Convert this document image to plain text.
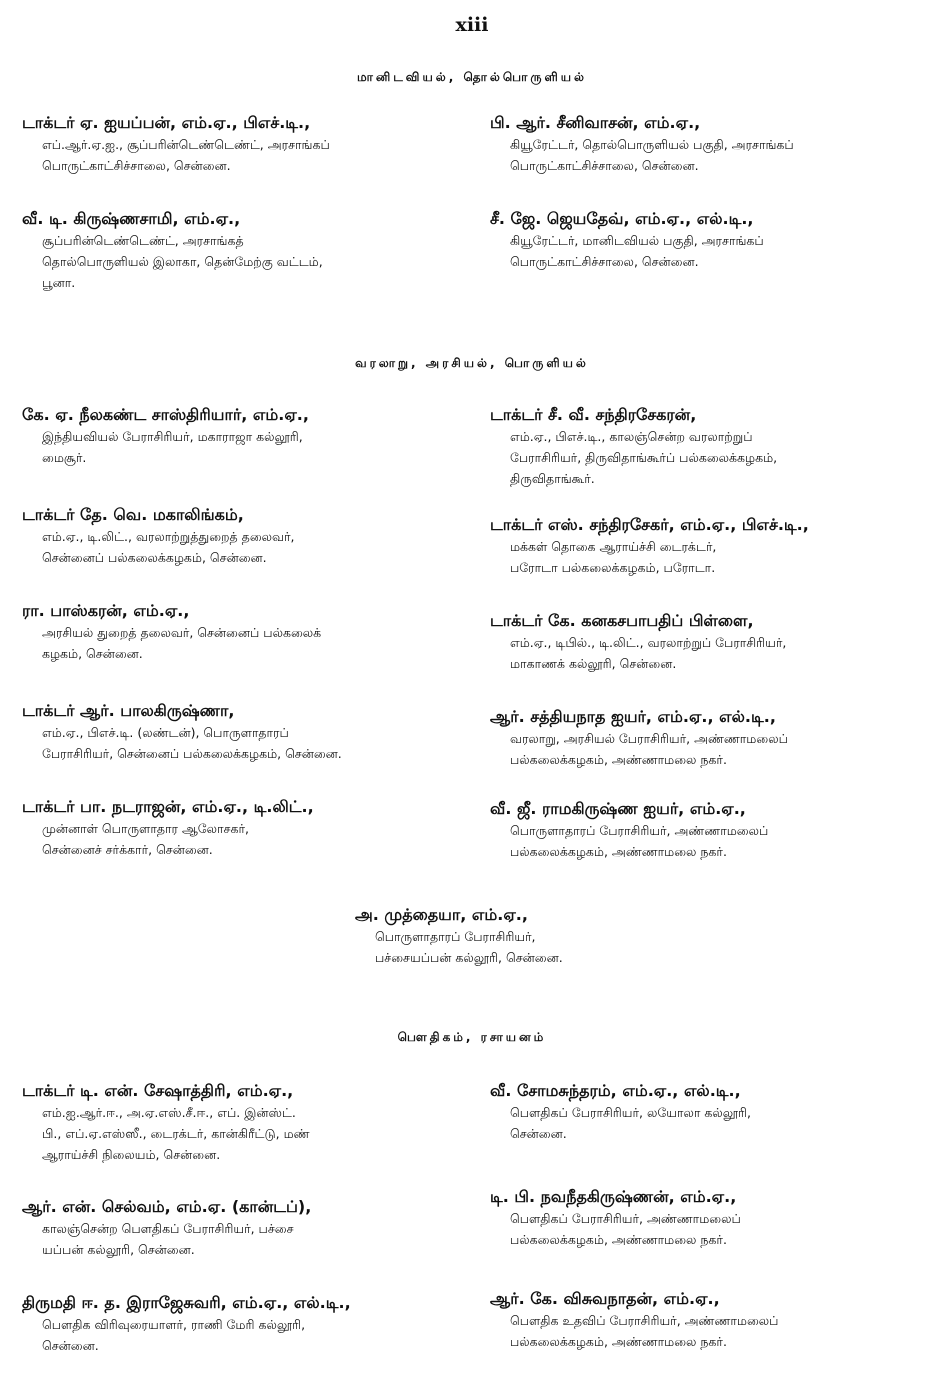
xiii
மானிடவியல், தொல்பொருளியல்
டாக்டர் ஏ. ஐயப்பன், எம்.ஏ., பிஎச்.டி.,
எப்.ஆர்.ஏ.ஐ., சூப்பரின்டெண்டெண்ட், அரசாங்கப்
பொருட்காட்சிச்சாலை, சென்னை.
வீ. டி. கிருஷ்ணசாமி, எம்.ஏ.,
சூப்பரின்டெண்டெண்ட், அரசாங்கத்
தொல்பொருளியல் இலாகா, தென்மேற்கு வட்டம்,
பூனா.
பி. ஆர். சீனிவாசன், எம்.ஏ.,
கியூரேட்டர், தொல்பொருளியல் பகுதி, அரசாங்கப்
பொருட்காட்சிச்சாலை, சென்னை.
சீ. ஜே. ஜெயதேவ், எம்.ஏ., எல்.டி.,
கியூரேட்டர், மானிடவியல் பகுதி, அரசாங்கப்
பொருட்காட்சிச்சாலை, சென்னை.
வரலாறு, அரசியல், பொருளியல்
கே. ஏ. நீலகண்ட சாஸ்திரியார், எம்.ஏ.,
இந்தியவியல் பேராசிரியர், மகாராஜா கல்லூரி,
மைசூர்.
டாக்டர் தே. வெ. மகாலிங்கம்,
எம்.ஏ., டி.லிட்., வரலாற்றுத்துறைத் தலைவர்,
சென்னைப் பல்கலைக்கழகம், சென்னை.
ரா. பாஸ்கரன், எம்.ஏ.,
அரசியல் துறைத் தலைவர், சென்னைப் பல்கலைக்
கழகம், சென்னை.
டாக்டர் ஆர். பாலகிருஷ்ணா,
எம்.ஏ., பிஎச்.டி. (லண்டன்), பொருளாதாரப்
பேராசிரியர், சென்னைப் பல்கலைக்கழகம், சென்னை.
டாக்டர் பா. நடராஜன், எம்.ஏ., டி.லிட்.,
முன்னாள் பொருளாதார ஆலோசகர்,
சென்னைச் சர்க்கார், சென்னை.
டாக்டர் சீ. வீ. சந்திரசேகரன்,
எம்.ஏ., பிஎச்.டி., காலஞ்சென்ற வரலாற்றுப்
பேராசிரியர், திருவிதாங்கூர்ப் பல்கலைக்கழகம்,
திருவிதாங்கூர்.
டாக்டர் எஸ். சந்திரசேகர், எம்.ஏ., பிஎச்.டி.,
மக்கள் தொகை ஆராய்ச்சி டைரக்டர்,
பரோடா பல்கலைக்கழகம், பரோடா.
டாக்டர் கே. கனகசபாபதிப் பிள்ளை,
எம்.ஏ., டிபில்., டி.லிட்., வரலாற்றுப் பேராசிரியர்,
மாகாணக் கல்லூரி, சென்னை.
ஆர். சத்தியநாத ஐயர், எம்.ஏ., எல்.டி.,
வரலாறு, அரசியல் பேராசிரியர், அண்ணாமலைப்
பல்கலைக்கழகம், அண்ணாமலை நகர்.
வீ. ஜீ. ராமகிருஷ்ண ஐயர், எம்.ஏ.,
பொருளாதாரப் பேராசிரியர், அண்ணாமலைப்
பல்கலைக்கழகம், அண்ணாமலை நகர்.
அ. முத்தையா, எம்.ஏ.,
பொருளாதாரப் பேராசிரியர்,
பச்சையப்பன் கல்லூரி, சென்னை.
பௌதிகம், ரசாயனம்
டாக்டர் டி. என். சேஷாத்திரி, எம்.ஏ.,
எம்.ஐ.ஆர்.ஈ., அ.ஏ.எஸ்.சீ.ஈ., எப். இன்ஸ்ட்.
பி., எப்.ஏ.எஸ்ஸீ., டைரக்டர், கான்கிரீட்டு, மண்
ஆராய்ச்சி நிலையம், சென்னை.
ஆர். என். செல்வம், எம்.ஏ. (கான்டப்),
காலஞ்சென்ற பௌதிகப் பேராசிரியர், பச்சை
யப்பன் கல்லூரி, சென்னை.
திருமதி ஈ. த. இராஜேசுவரி, எம்.ஏ., எல்.டி.,
பௌதிக விரிவுரையாளர், ராணி மேரி கல்லூரி,
சென்னை.
வீ. சோமசுந்தரம், எம்.ஏ., எல்.டி.,
பௌதிகப் பேராசிரியர், லயோலா கல்லூரி,
சென்னை.
டி. பி. நவநீதகிருஷ்ணன், எம்.ஏ.,
பௌதிகப் பேராசிரியர், அண்ணாமலைப்
பல்கலைக்கழகம், அண்ணாமலை நகர்.
ஆர். கே. விசுவநாதன், எம்.ஏ.,
பௌதிக உதவிப் பேராசிரியர், அண்ணாமலைப்
பல்கலைக்கழகம், அண்ணாமலை நகர்.
